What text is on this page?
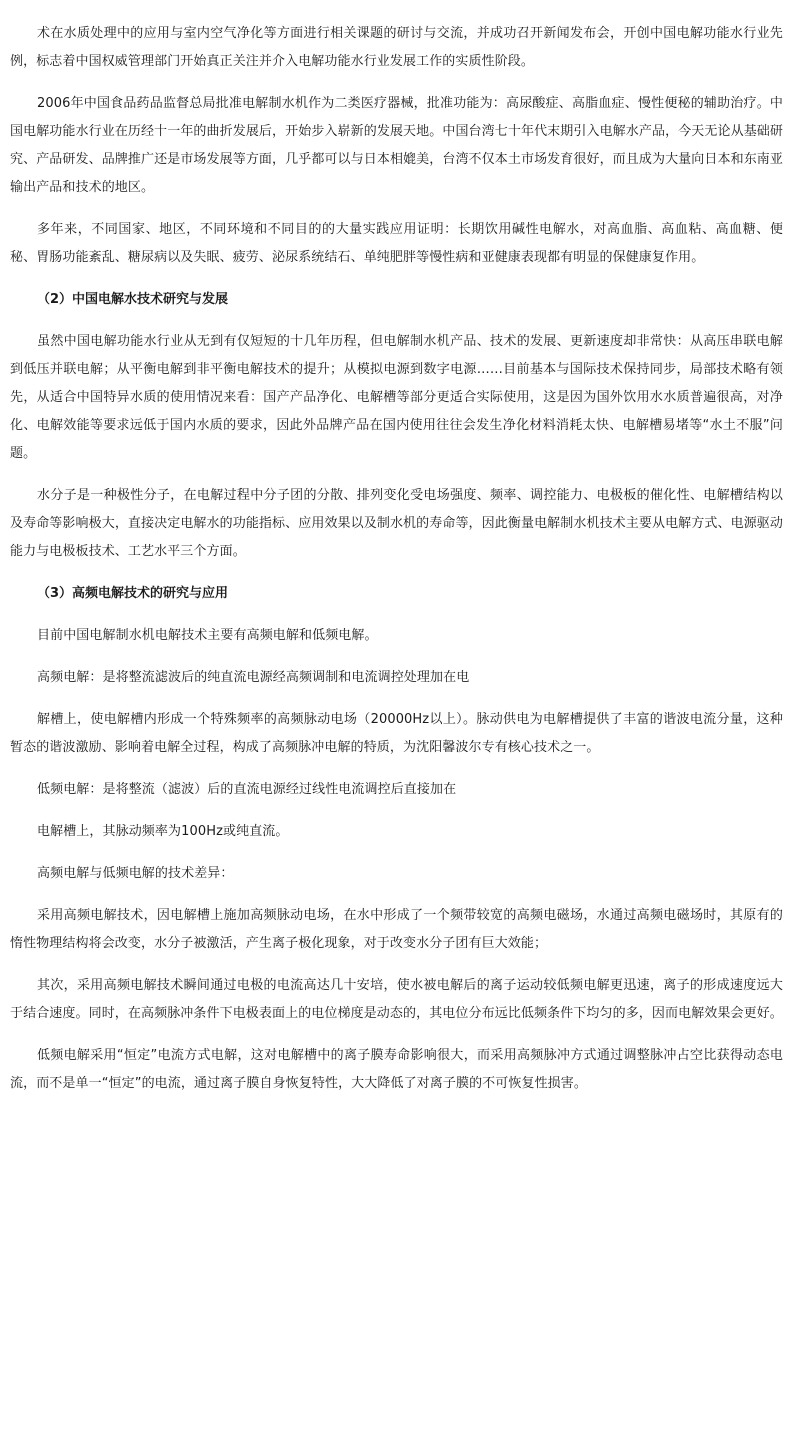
术在水质处理中的应用与室内空气净化等方面进行相关课题的研讨与交流，并成功召开新闻发布会，开创中国电解功能水行业先例，标志着中国权威管理部门开始真正关注并介入电解功能水行业发展工作的实质性阶段。

2006年中国食品药品监督总局批准电解制水机作为二类医疗器械，批准功能为：高尿酸症、高脂血症、慢性便秘的辅助治疗。中国电解功能水行业在历经十一年的曲折发展后，开始步入崭新的发展天地。中国台湾七十年代末期引入电解水产品，今天无论从基础研究、产品研发、品牌推广还是市场发展等方面，几乎都可以与日本相媲美，台湾不仅本土市场发育很好，而且成为大量向日本和东南亚输出产品和技术的地区。

多年来，不同国家、地区，不同环境和不同目的的大量实践应用证明：长期饮用碱性电解水，对高血脂、高血粘、高血糖、便秘、胃肠功能紊乱、糖尿病以及失眠、疲劳、泌尿系统结石、单纯肥胖等慢性病和亚健康表现都有明显的保健康复作用。

（2）中国电解水技术研究与发展

虽然中国电解功能水行业从无到有仅短短的十几年历程，但电解制水机产品、技术的发展、更新速度却非常快：从高压串联电解到低压并联电解；从平衡电解到非平衡电解技术的提升；从模拟电源到数字电源……目前基本与国际技术保持同步，局部技术略有领先，从适合中国特异水质的使用情况来看：国产产品净化、电解槽等部分更适合实际使用，这是因为国外饮用水水质普遍很高，对净化、电解效能等要求远低于国内水质的要求，因此外品牌产品在国内使用往往会发生净化材料消耗太快、电解槽易堵等“水土不服”问题。

水分子是一种极性分子，在电解过程中分子团的分散、排列变化受电场强度、频率、调控能力、电极板的催化性、电解槽结构以及寿命等影响极大，直接决定电解水的功能指标、应用效果以及制水机的寿命等，因此衡量电解制水机技术主要从电解方式、电源驱动能力与电极板技术、工艺水平三个方面。

（3）高频电解技术的研究与应用

目前中国电解制水机电解技术主要有高频电解和低频电解。

高频电解：是将整流滤波后的纯直流电源经高频调制和电流调控处理加在电

解槽上，使电解槽内形成一个特殊频率的高频脉动电场（20000Hz以上）。脉动供电为电解槽提供了丰富的谐波电流分量，这种暂态的谐波激励、影响着电解全过程，构成了高频脉冲电解的特质，为沈阳馨波尔专有核心技术之一。

低频电解：是将整流（滤波）后的直流电源经过线性电流调控后直接加在

电解槽上，其脉动频率为100Hz或纯直流。

高频电解与低频电解的技术差异：

采用高频电解技术，因电解槽上施加高频脉动电场，在水中形成了一个频带较宽的高频电磁场，水通过高频电磁场时，其原有的惰性物理结构将会改变，水分子被激活，产生离子极化现象，对于改变水分子团有巨大效能；

其次，采用高频电解技术瞬间通过电极的电流高达几十安培，使水被电解后的离子运动较低频电解更迅速，离子的形成速度远大于结合速度。同时，在高频脉冲条件下电极表面上的电位梯度是动态的，其电位分布远比低频条件下均匀的多，因而电解效果会更好。

低频电解采用“恒定”电流方式电解，这对电解槽中的离子膜寿命影响很大，而采用高频脉冲方式通过调整脉冲占空比获得动态电流，而不是单一“恒定”的电流，通过离子膜自身恢复特性，大大降低了对离子膜的不可恢复性损害。
